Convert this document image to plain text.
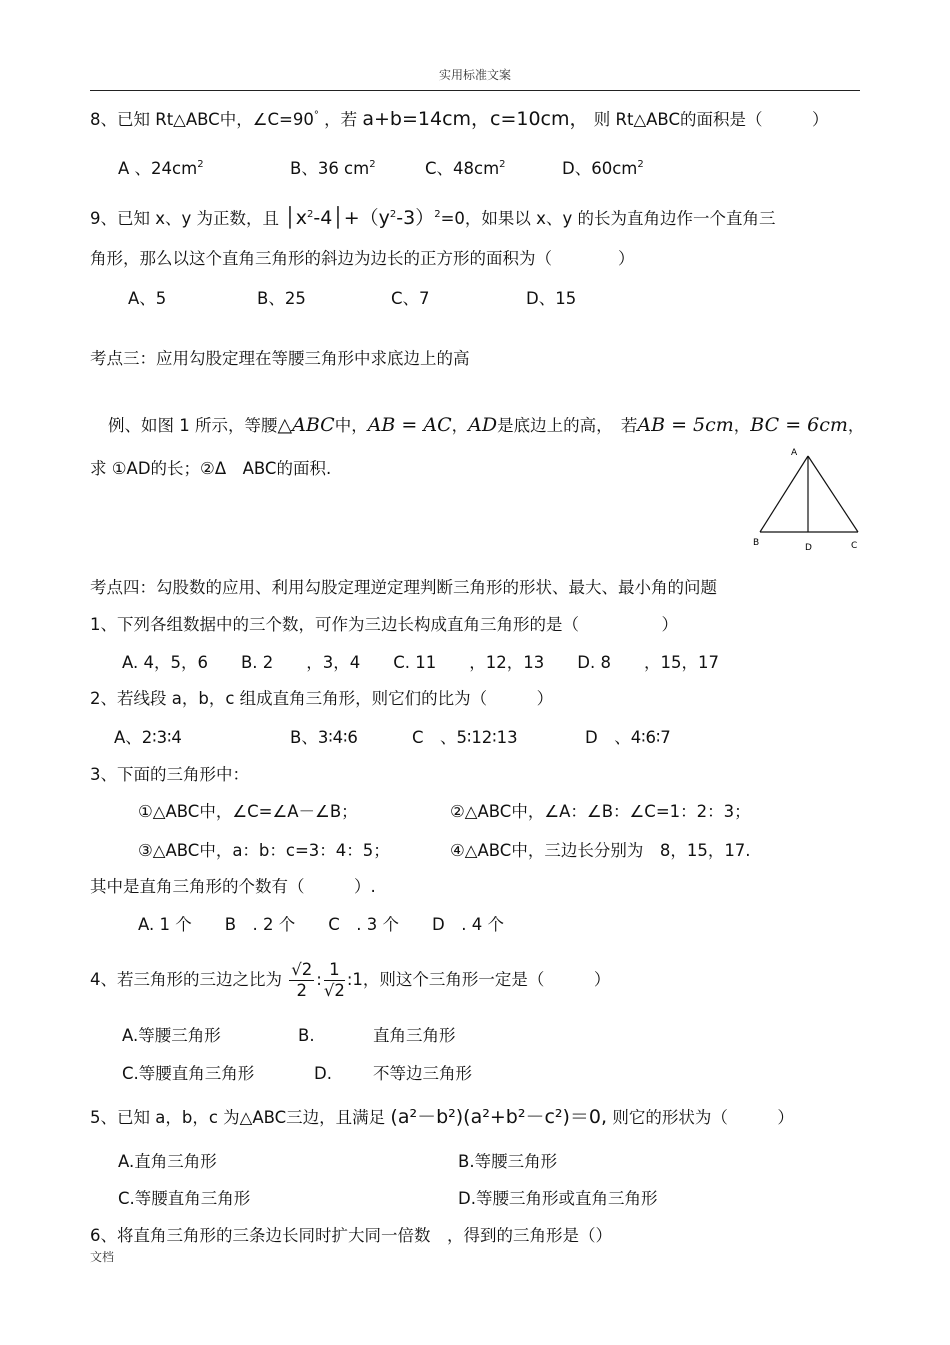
实用标准文案
8、已知 Rt△ABC中，∠C=90° ，若 a+b=14cm，c=10cm， 则 Rt△ABC的面积是（　　　）
A 、$24cm^2$	B、36 $cm^2$	C、$48cm^2$	D、$60cm^2$
9、已知 x、y 为正数，且 $│x^2-4│+(y^2-3)^2=0$，如果以 x、y 的长为直角边作一个直角三
角形，那么以这个直角三角形的斜边为边长的正方形的面积为（　　　　）
A、5	B、25	C、7	D、15
考点三：应用勾股定理在等腰三角形中求底边上的高
例、如图 1 所示，等腰△ABC中，AB = AC，AD是底边上的高，　若AB = 5cm，BC = 6cm，
求 ①AD的长；②Δ　ABC的面积.
A
B	D	C
考点四：勾股数的应用、利用勾股定理逆定理判断三角形的形状、最大、最小角的问题
1、下列各组数据中的三个数，可作为三边长构成直角三角形的是（　　　　　）
A. 4，5，6　　B. 2　　，3，4　　C. 11　　，12，13　　D. 8　　，15，17
2、若线段 a，b，c 组成直角三角形，则它们的比为（　　　）
A、2∶3∶4	B、3∶4∶6	C　、5∶12∶13	D　、4∶6∶7
3、下面的三角形中：
①△ABC中，∠C=∠A－∠B；	②△ABC中，∠A：∠B：∠C=1：2：3；
③△ABC中，a：b：c=3：4：5；	④△ABC中，三边长分别为　8，15，17.
其中是直角三角形的个数有（　　　）.
A. 1 个　　B　. 2 个　　C　. 3 个　　D　. 4 个
4、若三角形的三边之比为 $\frac{√2}{2}$ : $\frac{1}{√2}$ :1，则这个三角形一定是（　　　）
A.等腰三角形	B.	直角三角形
C.等腰直角三角形	D. 不等边三角形
5、已知 a，b，c 为△ABC三边，且满足 (a²－b²)(a²+b²－c²)＝0, 则它的形状为（　　　）
A.直角三角形	B.等腰三角形
C.等腰直角三角形	D.等腰三角形或直角三角形
6、将直角三角形的三条边长同时扩大同一倍数　，得到的三角形是（）
文档
